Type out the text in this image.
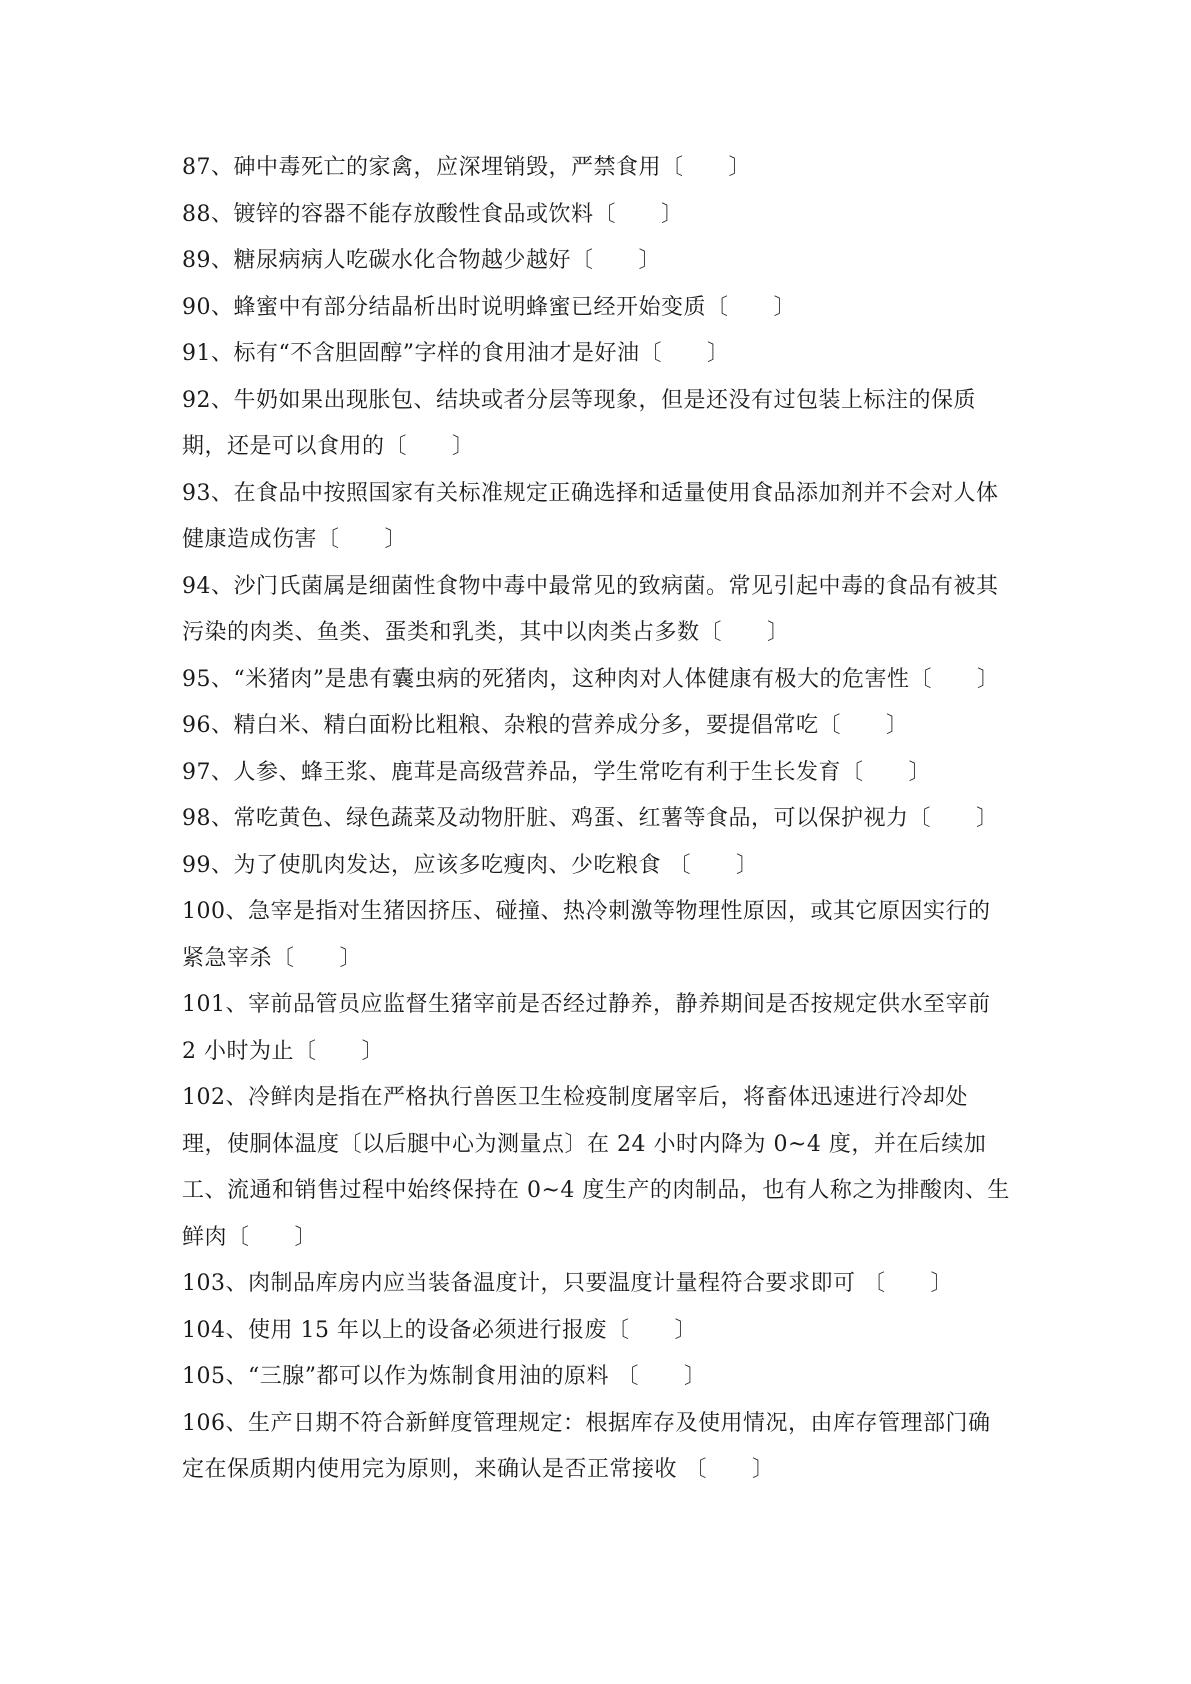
87、砷中毒死亡的家禽，应深埋销毁，严禁食用〔　　〕

88、镀锌的容器不能存放酸性食品或饮料〔　　〕

89、糖尿病病人吃碳水化合物越少越好〔　　〕

90、蜂蜜中有部分结晶析出时说明蜂蜜已经开始变质〔　　〕

91、标有“不含胆固醇”字样的食用油才是好油〔　　〕

92、牛奶如果出现胀包、结块或者分层等现象，但是还没有过包装上标注的保质期，还是可以食用的〔　　〕

93、在食品中按照国家有关标准规定正确选择和适量使用食品添加剂并不会对人体健康造成伤害〔　　〕

94、沙门氏菌属是细菌性食物中毒中最常见的致病菌。常见引起中毒的食品有被其污染的肉类、鱼类、蛋类和乳类，其中以肉类占多数〔　　〕

95、“米猪肉”是患有囊虫病的死猪肉，这种肉对人体健康有极大的危害性〔　　〕

96、精白米、精白面粉比粗粮、杂粮的营养成分多，要提倡常吃〔　　〕

97、人参、蜂王浆、鹿茸是高级营养品，学生常吃有利于生长发育〔　　〕

98、常吃黄色、绿色蔬菜及动物肝脏、鸡蛋、红薯等食品，可以保护视力〔　　〕

99、为了使肌肉发达，应该多吃瘦肉、少吃粮食 〔　　〕

100、急宰是指对生猪因挤压、碰撞、热冷刺激等物理性原因，或其它原因实行的紧急宰杀〔　　〕

101、宰前品管员应监督生猪宰前是否经过静养，静养期间是否按规定供水至宰前 2 小时为止〔　　〕

102、冷鲜肉是指在严格执行兽医卫生检疫制度屠宰后，将畜体迅速进行冷却处理，使胴体温度〔以后腿中心为测量点〕在 24 小时内降为 0~4 度，并在后续加工、流通和销售过程中始终保持在 0~4 度生产的肉制品，也有人称之为排酸肉、生鲜肉〔　　〕

103、肉制品库房内应当装备温度计，只要温度计量程符合要求即可 〔　　〕

104、使用 15 年以上的设备必须进行报废〔　　〕

105、“三腺”都可以作为炼制食用油的原料 〔　　〕

106、生产日期不符合新鲜度管理规定：根据库存及使用情况，由库存管理部门确定在保质期内使用完为原则，来确认是否正常接收 〔　　〕
